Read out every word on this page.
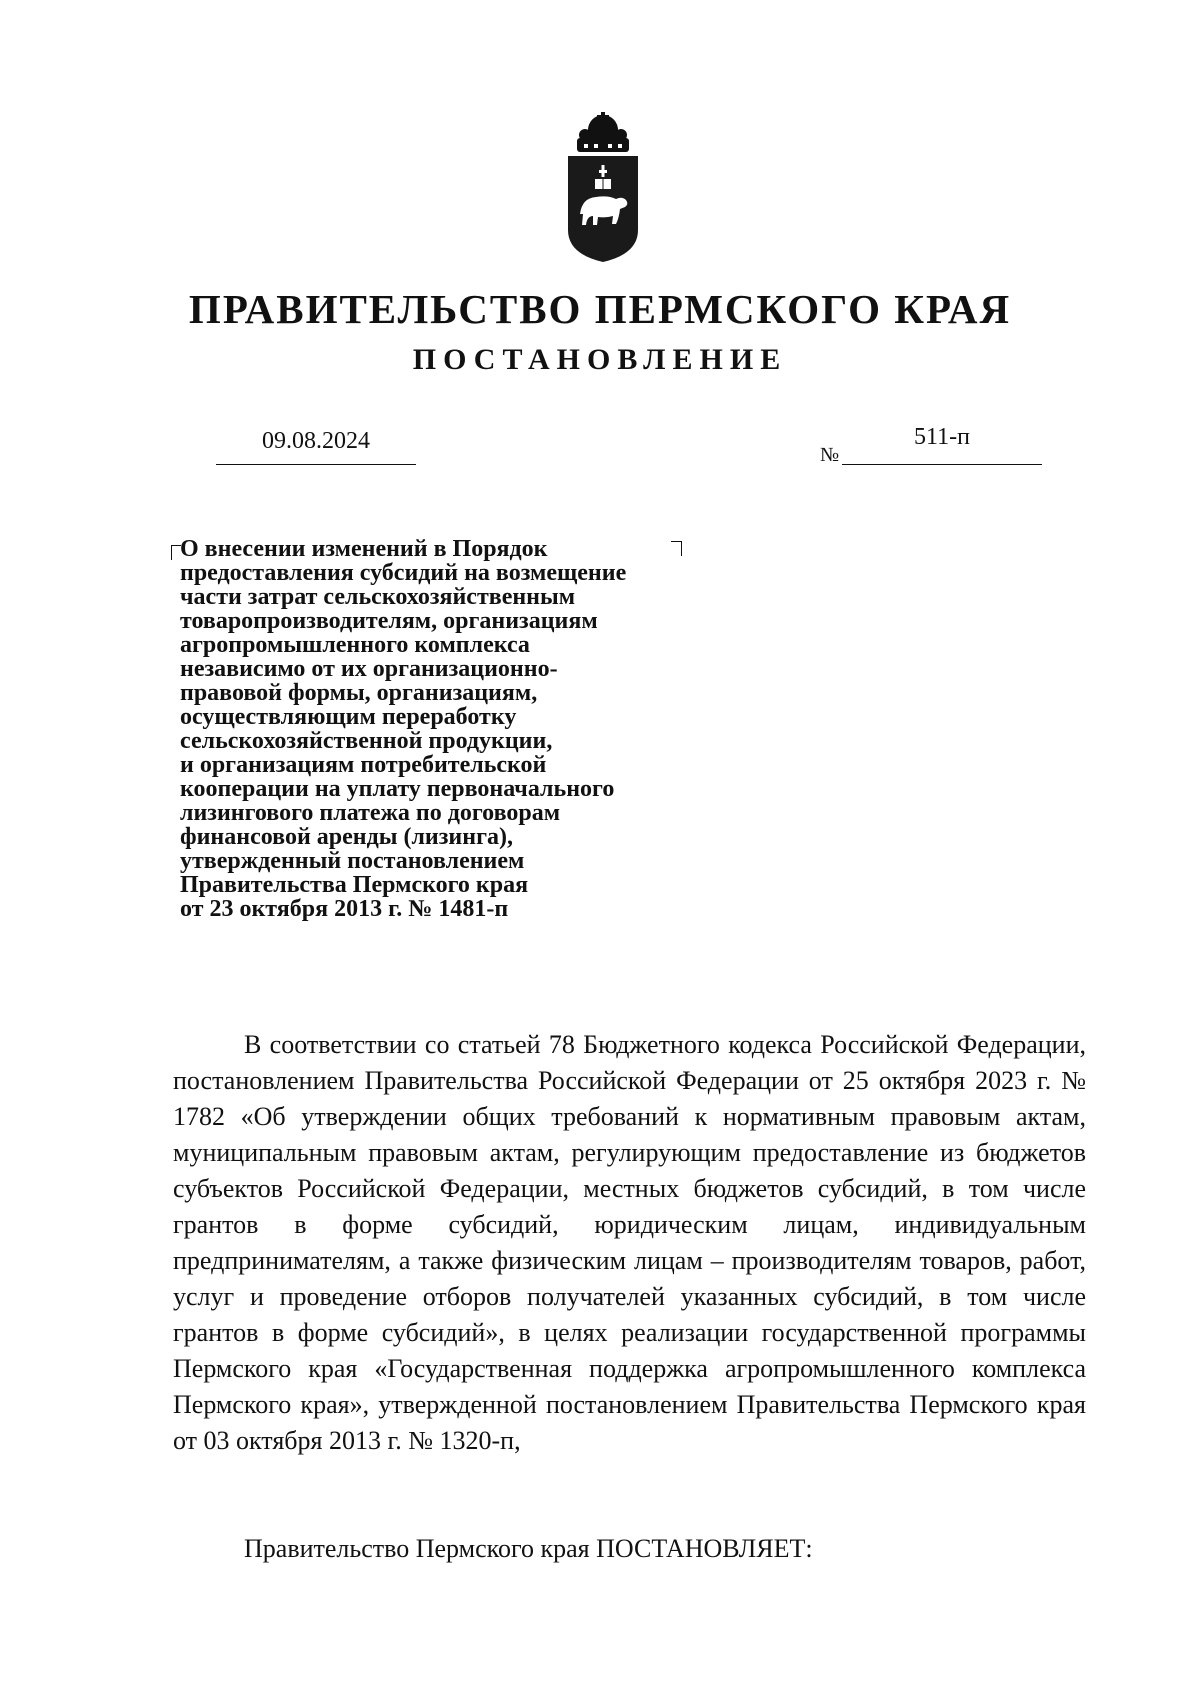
ПРАВИТЕЛЬСТВО ПЕРМСКОГО КРАЯ
ПОСТАНОВЛЕНИЕ
09.08.2024
№
511-п
О внесении изменений в Порядок
предоставления субсидий на возмещение
части затрат сельскохозяйственным
товаропроизводителям, организациям
агропромышленного комплекса
независимо от их организационно-
правовой формы, организациям,
осуществляющим переработку
сельскохозяйственной продукции,
и организациям потребительской
кооперации на уплату первоначального
лизингового платежа по договорам
финансовой аренды (лизинга),
утвержденный постановлением
Правительства Пермского края
от 23 октября 2013 г. № 1481-п

В соответствии со статьей 78 Бюджетного кодекса Российской Федерации, постановлением Правительства Российской Федерации от 25 октября 2023 г. № 1782 «Об утверждении общих требований к нормативным правовым актам, муниципальным правовым актам, регулирующим предоставление из бюджетов субъектов Российской Федерации, местных бюджетов субсидий, в том числе грантов в форме субсидий, юридическим лицам, индивидуальным предпринимателям, а также физическим лицам – производителям товаров, работ, услуг и проведение отборов получателей указанных субсидий, в том числе грантов в форме субсидий», в целях реализации государственной программы Пермского края «Государственная поддержка агропромышленного комплекса Пермского края», утвержденной постановлением Правительства Пермского края от 03 октября 2013 г. № 1320-п,

Правительство Пермского края ПОСТАНОВЛЯЕТ:
